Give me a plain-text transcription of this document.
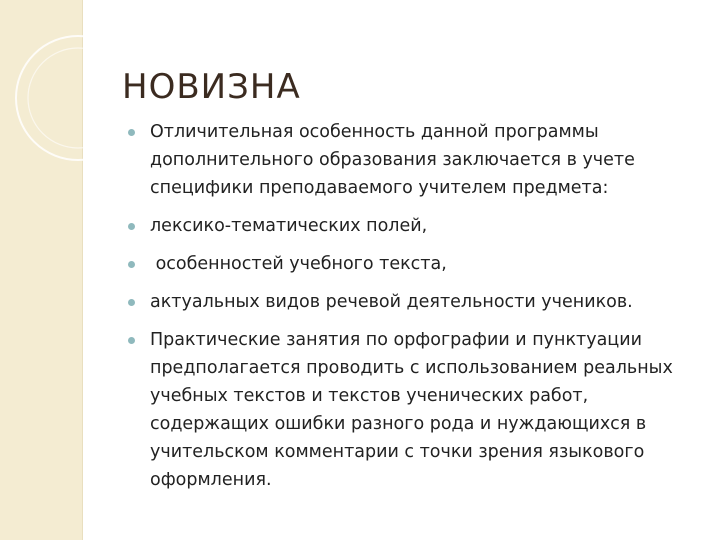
НОВИЗНА
Отличительная особенность данной программы дополнительного образования заключается в учете специфики преподаваемого учителем предмета:
лексико-тематических полей,
особенностей учебного текста,
актуальных видов речевой деятельности учеников.
Практические занятия по орфографии и пунктуации предполагается проводить с использованием реальных учебных текстов и текстов ученических работ, содержащих ошибки разного рода и нуждающихся в учительском комментарии с точки зрения языкового оформления.
